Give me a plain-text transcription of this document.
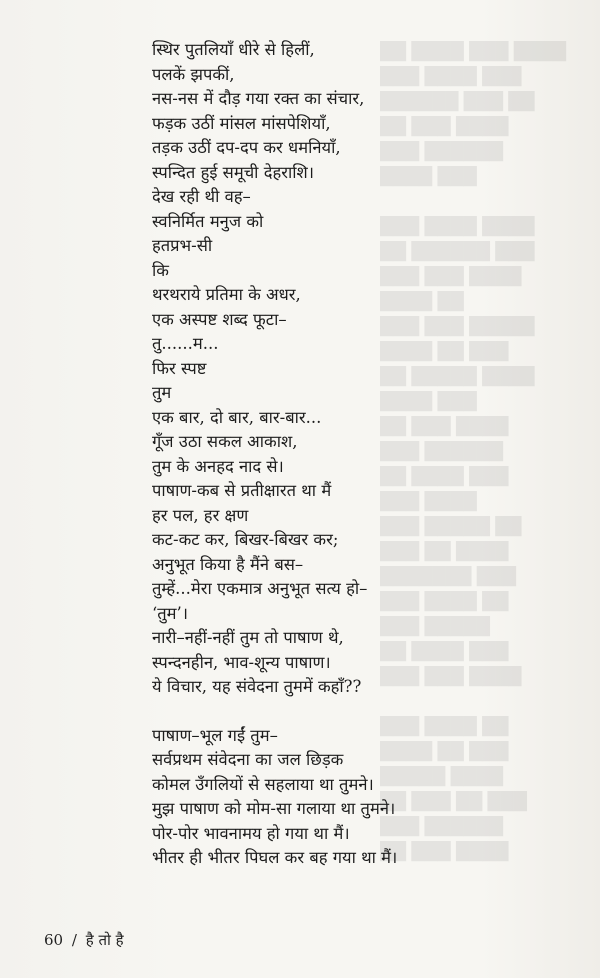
████ ███ ████ ██
███ ████ ███
██ ███ ██████
████ ███ ██
██████ ███
███ ████

████ ████ ███
███ ██████ ██
████ ███ ███
██ ████
█████ ███ ███
███ ██ ████
████ █████ ██
███ ████
████ ███ ██
██████ ███
███ ████ ██
████ ███
██ █████ ███
████ ██ ███
███ ███████
██ ████ ███
█████ ███
███ ████ ██
████ ███ ███

██ ████ ███
███ ██ ████
████ █████
███ ██ ███ ██
██████ ███
████ ███ ██
स्थिर पुतलियाँ धीरे से हिलीं,
पलकें झपकीं,
नस-नस में दौड़ गया रक्त का संचार,
फड़क उठीं मांसल मांसपेशियाँ,
तड़क उठीं दप-दप कर धमनियाँ,
स्पन्दित हुई समूची देहराशि।
देख रही थी वह–
स्वनिर्मित मनुज को
हतप्रभ-सी
कि
थरथराये प्रतिमा के अधर,
एक अस्पष्ट शब्द फूटा–
तु......म...
फिर स्पष्ट
तुम
एक बार, दो बार, बार-बार...
गूँज उठा सकल आकाश,
तुम के अनहद नाद से।
पाषाण-कब से प्रतीक्षारत था मैं
हर पल, हर क्षण
कट-कट कर, बिखर-बिखर कर;
अनुभूत किया है मैंने बस–
तुम्हें...मेरा एकमात्र अनुभूत सत्य हो–
‘तुम’।
नारी–नहीं-नहीं तुम तो पाषाण थे,
स्पन्दनहीन, भाव-शून्य पाषाण।
ये विचार, यह संवेदना तुममें कहाँ??
पाषाण–भूल गईं तुम–
सर्वप्रथम संवेदना का जल छिड़क
कोमल उँगलियों से सहलाया था तुमने।
मुझ पाषाण को मोम-सा गलाया था तुमने।
पोर-पोर भावनामय हो गया था मैं।
भीतर ही भीतर पिघल कर बह गया था मैं।
60 / है तो है
